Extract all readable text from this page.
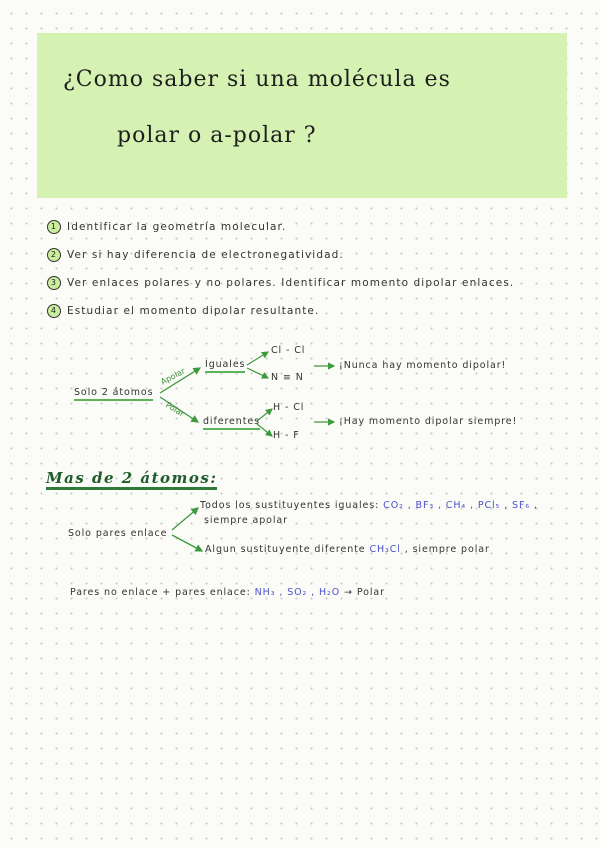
¿Como saber si una molécula es
polar o a-polar ?
1 Identificar la geometría molecular.
2 Ver si hay diferencia de electronegatividad.
3 Ver enlaces polares y no polares. Identificar momento dipolar enlaces.
4 Estudiar el momento dipolar resultante.
Solo 2 átomos
Apolar
Polar
Iguales
diferentes
Cl - Cl
N ≡ N
H - Cl
H - F
¡Nunca hay momento dipolar!
¡Hay momento dipolar siempre!
Mas de 2 átomos:
Solo pares enlace
Todos los sustituyentes iguales: CO₂ , BF₃ , CH₄ , PCl₅ , SF₆ ,
siempre apolar
Algun sustituyente diferente CH₃Cl , siempre polar
Pares no enlace + pares enlace: NH₃ , SO₂ , H₂O → Polar
